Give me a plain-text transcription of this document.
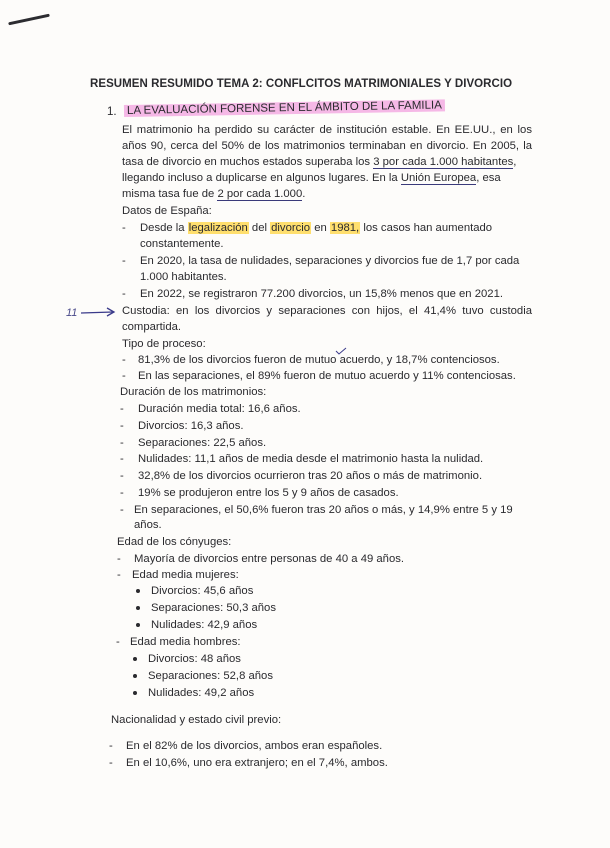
RESUMEN RESUMIDO TEMA 2: CONFLCITOS MATRIMONIALES Y DIVORCIO
1. LA EVALUACIÓN FORENSE EN EL ÁMBITO DE LA FAMILIA
El matrimonio ha perdido su carácter de institución estable. En EE.UU., en los
años 90, cerca del 50% de los matrimonios terminaban en divorcio. En 2005, la
tasa de divorcio en muchos estados superaba los 3 por cada 1.000 habitantes,
llegando incluso a duplicarse en algunos lugares. En la Unión Europea, esa
misma tasa fue de 2 por cada 1.000.
Datos de España:
- Desde la legalización del divorcio en 1981, los casos han aumentado
constantemente.
- En 2020, la tasa de nulidades, separaciones y divorcios fue de 1,7 por cada
1.000 habitantes.
- En 2022, se registraron 77.200 divorcios, un 15,8% menos que en 2021.
11	Custodia: en los divorcios y separaciones con hijos, el 41,4% tuvo custodia
compartida.
Tipo de proceso:
- 81,3% de los divorcios fueron de mutuo acuerdo, y 18,7% contenciosos.
- En las separaciones, el 89% fueron de mutuo acuerdo y 11% contenciosas.
Duración de los matrimonios:
- Duración media total: 16,6 años.
- Divorcios: 16,3 años.
- Separaciones: 22,5 años.
- Nulidades: 11,1 años de media desde el matrimonio hasta la nulidad.
- 32,8% de los divorcios ocurrieron tras 20 años o más de matrimonio.
- 19% se produjeron entre los 5 y 9 años de casados.
- En separaciones, el 50,6% fueron tras 20 años o más, y 14,9% entre 5 y 19
años.
Edad de los cónyuges:
- Mayoría de divorcios entre personas de 40 a 49 años.
- Edad media mujeres:
Divorcios: 45,6 años
Separaciones: 50,3 años
Nulidades: 42,9 años
- Edad media hombres:
Divorcios: 48 años
Separaciones: 52,8 años
Nulidades: 49,2 años
Nacionalidad y estado civil previo:
- En el 82% de los divorcios, ambos eran españoles.
- En el 10,6%, uno era extranjero; en el 7,4%, ambos.
